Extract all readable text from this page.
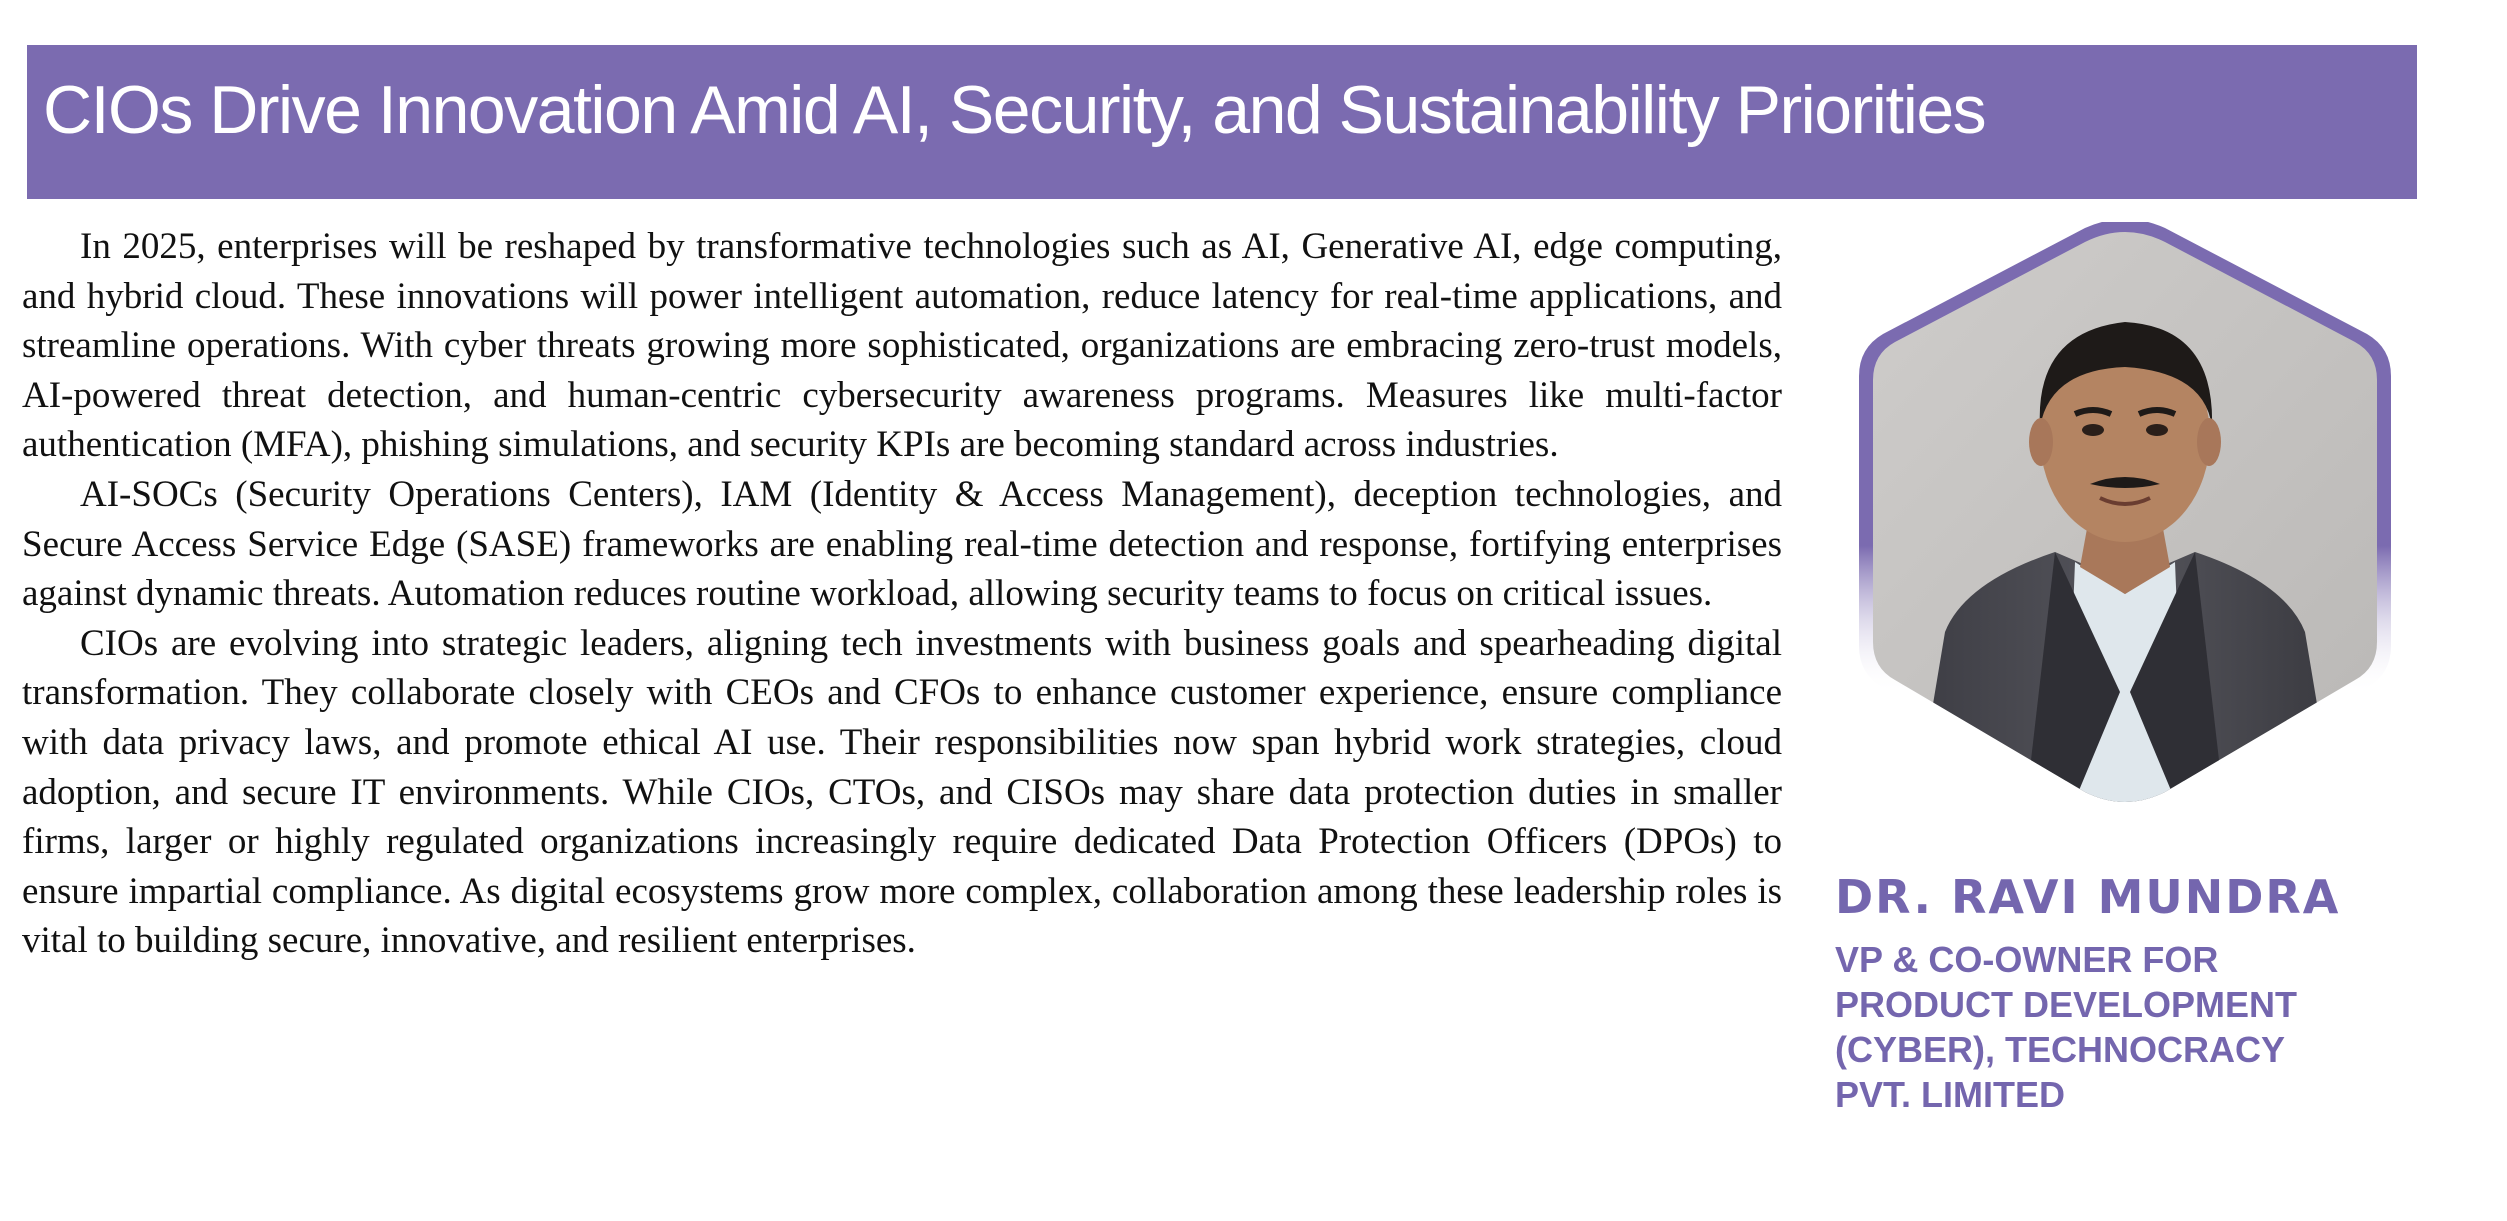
CIOs Drive Innovation Amid AI, Security, and Sustainability Priorities

In 2025, enterprises will be reshaped by transformative technologies such as AI, Generative AI, edge computing, and hybrid cloud. These innovations will power intelligent automation, reduce latency for real-time applications, and streamline operations. With cyber threats growing more sophisticated, organizations are embracing zero-trust models, AI-powered threat detection, and human-centric cybersecurity awareness programs. Measures like multi-factor authentication (MFA), phishing simulations, and security KPIs are becoming standard across industries.

AI-SOCs (Security Operations Centers), IAM (Identity & Access Management), deception technologies, and Secure Access Service Edge (SASE) frameworks are enabling real-time detection and response, fortifying enterprises against dynamic threats. Automation reduces routine workload, allowing security teams to focus on critical issues.

CIOs are evolving into strategic leaders, aligning tech investments with business goals and spearheading digital transformation. They collaborate closely with CEOs and CFOs to enhance customer experience, ensure compliance with data privacy laws, and promote ethical AI use. Their responsibilities now span hybrid work strategies, cloud adoption, and secure IT environments. While CIOs, CTOs, and CISOs may share data protection duties in smaller firms, larger or highly regulated organizations increasingly require dedicated Data Protection Officers (DPOs) to ensure impartial compliance. As digital ecosystems grow more complex, collaboration among these leadership roles is vital to building secure, innovative, and resilient enterprises.

DR. RAVI MUNDRA
VP & CO-OWNER FOR
PRODUCT DEVELOPMENT
(CYBER), TECHNOCRACY
PVT. LIMITED
